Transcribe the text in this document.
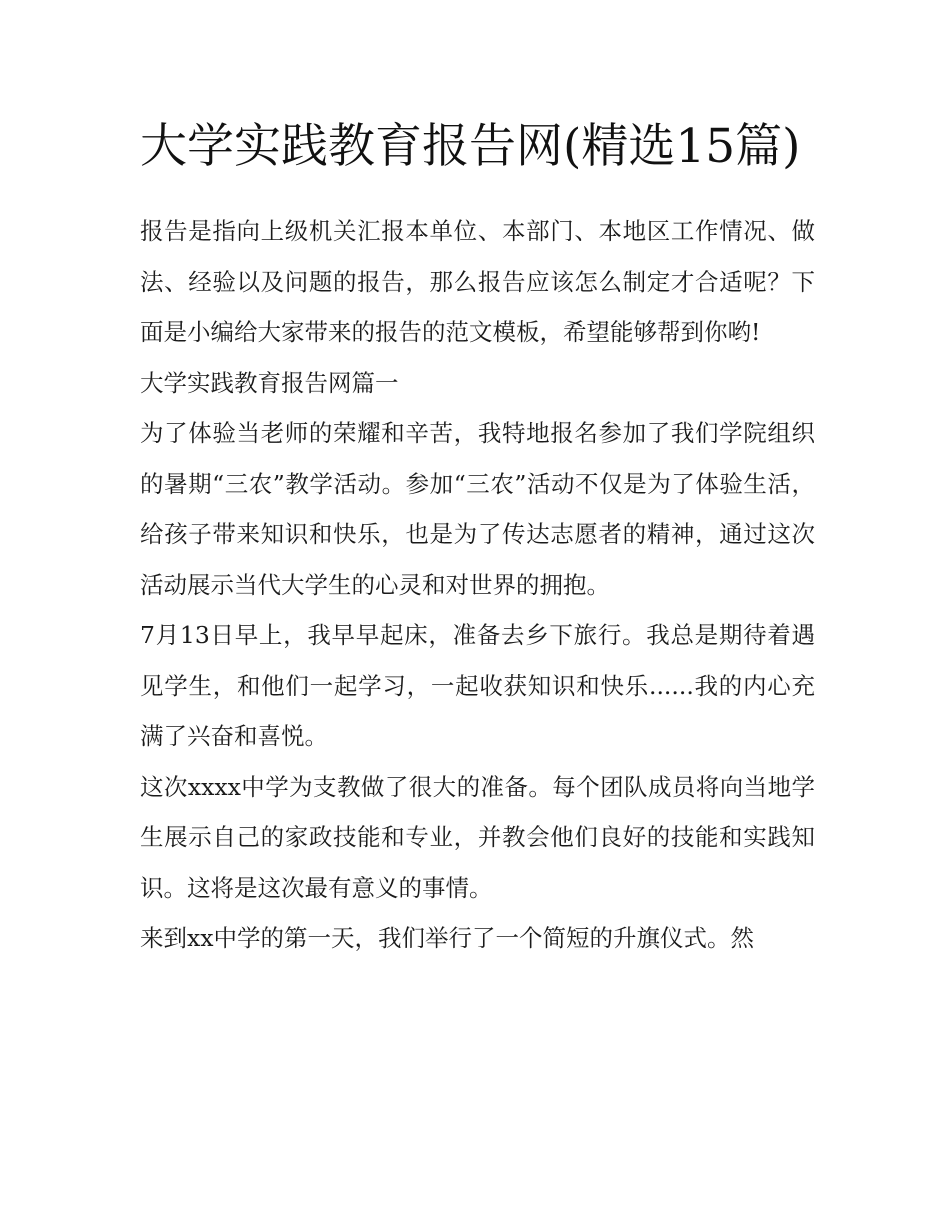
大学实践教育报告网(精选15篇)

报告是指向上级机关汇报本单位、本部门、本地区工作情况、做法、经验以及问题的报告，那么报告应该怎么制定才合适呢？下面是小编给大家带来的报告的范文模板，希望能够帮到你哟!

大学实践教育报告网篇一

为了体验当老师的荣耀和辛苦，我特地报名参加了我们学院组织的暑期“三农”教学活动。参加“三农”活动不仅是为了体验生活，给孩子带来知识和快乐，也是为了传达志愿者的精神，通过这次活动展示当代大学生的心灵和对世界的拥抱。

7月13日早上，我早早起床，准备去乡下旅行。我总是期待着遇见学生，和他们一起学习，一起收获知识和快乐......我的内心充满了兴奋和喜悦。

这次xxxx中学为支教做了很大的准备。每个团队成员将向当地学生展示自己的家政技能和专业，并教会他们良好的技能和实践知识。这将是这次最有意义的事情。

来到xx中学的第一天，我们举行了一个简短的升旗仪式。然
